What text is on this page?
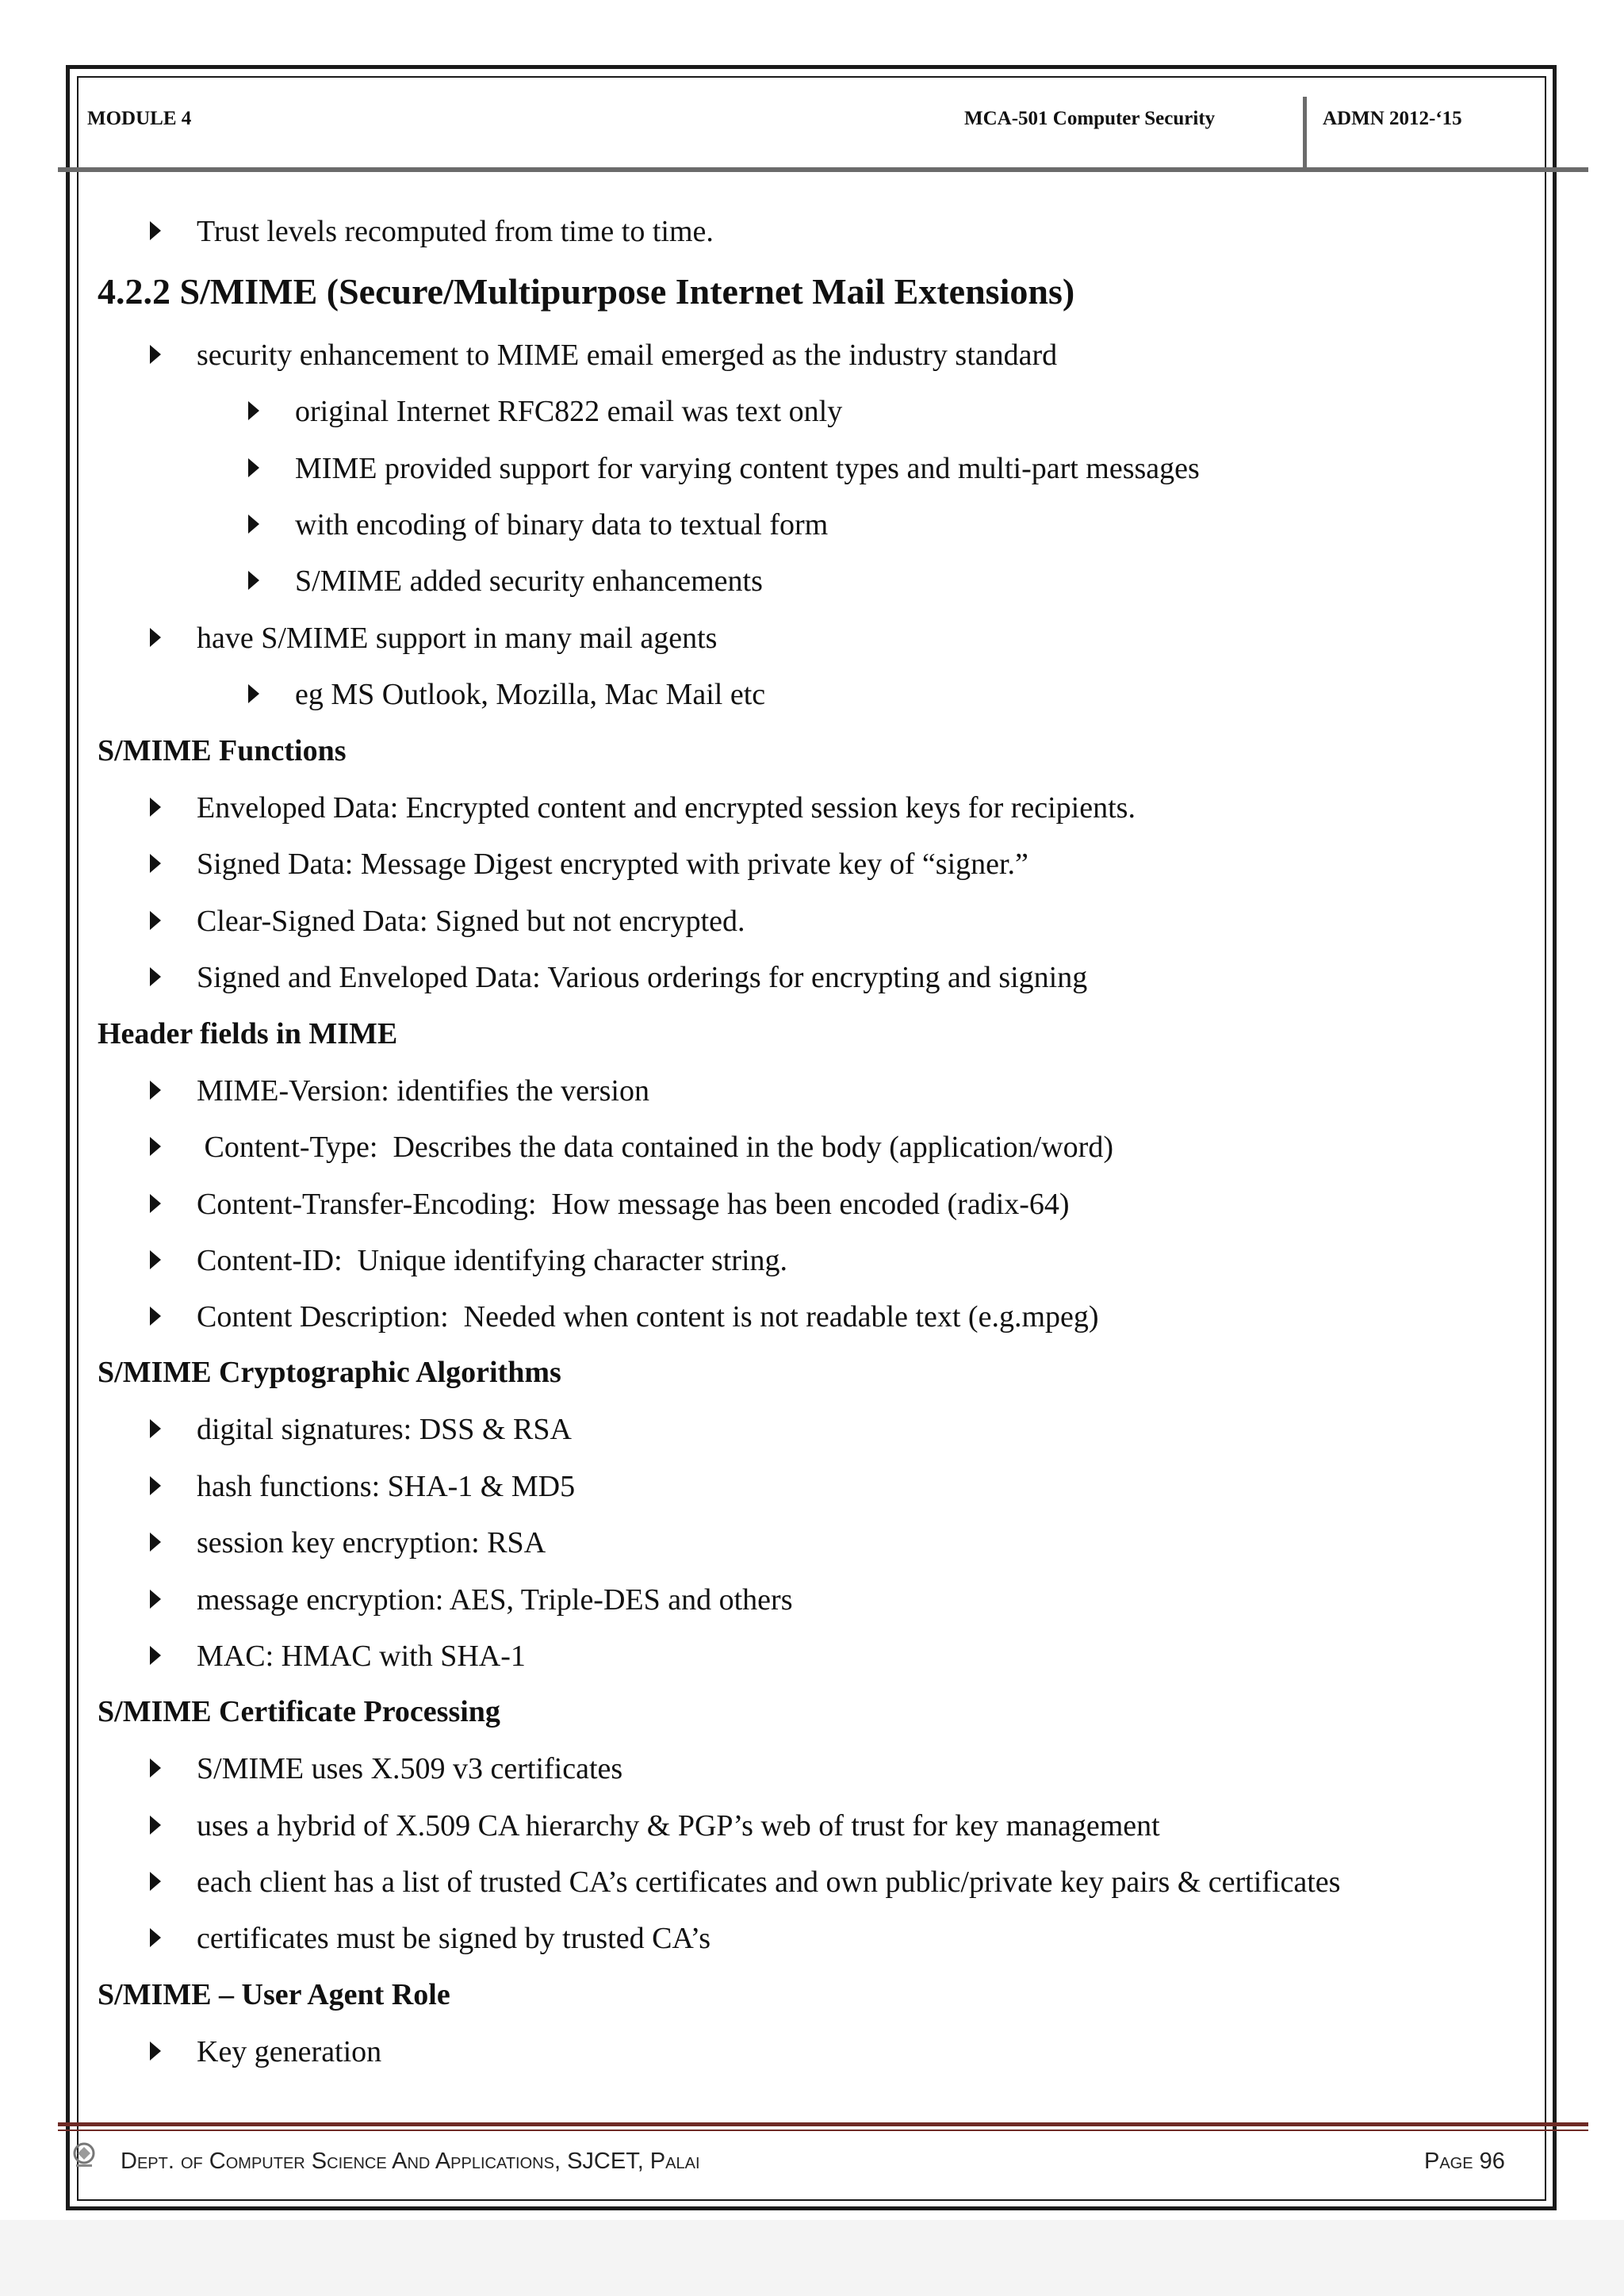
MODULE 4	MCA-501 Computer Security	ADMN 2012-‘15
Trust levels recomputed from time to time.
4.2.2 S/MIME (Secure/Multipurpose Internet Mail Extensions)
security enhancement to MIME email emerged as the industry standard
original Internet RFC822 email was text only
MIME provided support for varying content types and multi-part messages
with encoding of binary data to textual form
S/MIME added security enhancements
have S/MIME support in many mail agents
eg MS Outlook, Mozilla, Mac Mail etc
S/MIME Functions
Enveloped Data: Encrypted content and encrypted session keys for recipients.
Signed Data: Message Digest encrypted with private key of “signer.”
Clear-Signed Data: Signed but not encrypted.
Signed and Enveloped Data: Various orderings for encrypting and signing
Header fields in MIME
MIME-Version: identifies the version
Content-Type:  Describes the data contained in the body (application/word)
Content-Transfer-Encoding:  How message has been encoded (radix-64)
Content-ID:  Unique identifying character string.
Content Description:  Needed when content is not readable text (e.g.mpeg)
S/MIME Cryptographic Algorithms
digital signatures: DSS & RSA
hash functions: SHA-1 & MD5
session key encryption: RSA
message encryption: AES, Triple-DES and others
MAC: HMAC with SHA-1
S/MIME Certificate Processing
S/MIME uses X.509 v3 certificates
uses a hybrid of X.509 CA hierarchy & PGP’s web of trust for key management
each client has a list of trusted CA’s certificates and own public/private key pairs & certificates
certificates must be signed by trusted CA’s
S/MIME – User Agent Role
Key generation
Dept. of Computer Science And Applications, SJCET, Palai	Page 96
